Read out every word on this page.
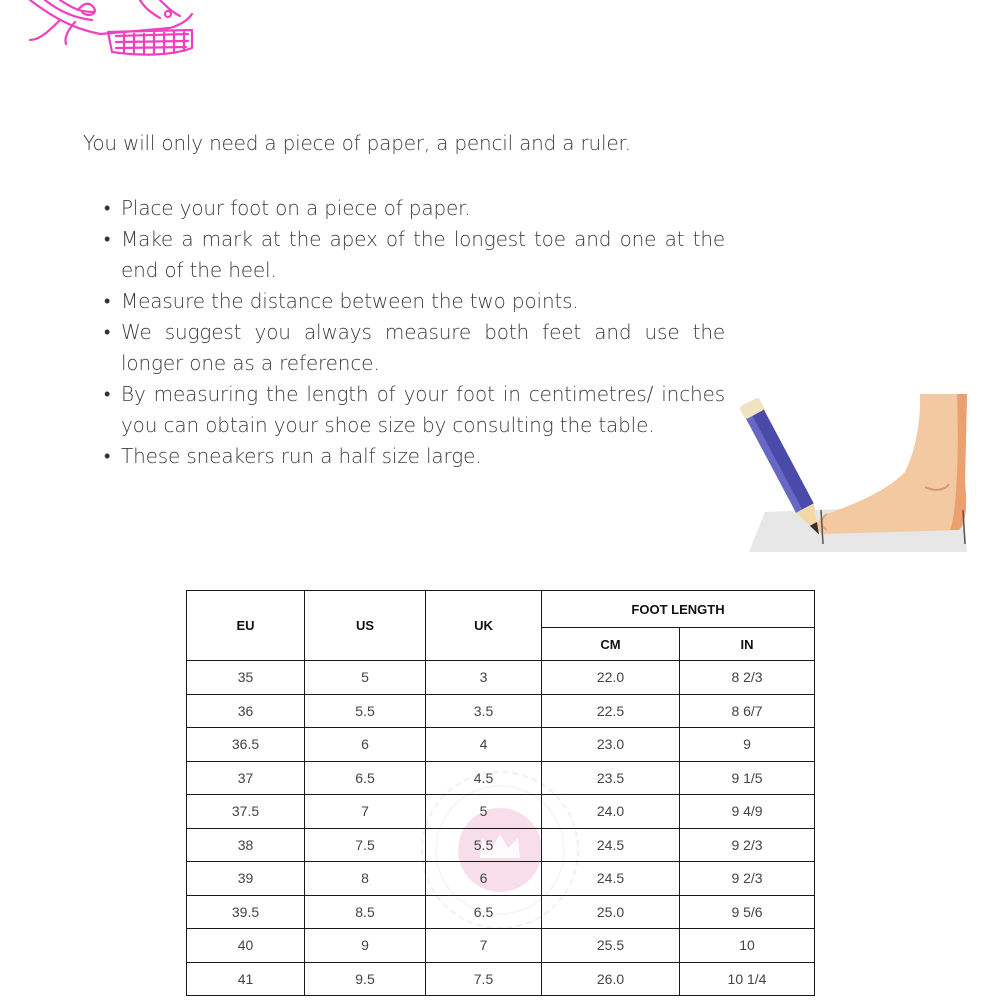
You will only need a piece of paper, a pencil and a ruler.

• Place your foot on a piece of paper.
• Make a mark at the apex of the longest toe and one at the end of the heel.
• Measure the distance between the two points.
• We suggest you always measure both feet and use the longer one as a reference.
• By measuring the length of your foot in centimetres/ inches you can obtain your shoe size by consulting the table.
• These sneakers run a half size large.
EU	US	UK	FOOT LENGTH	
			CM	IN
35	5	3	22.0	8 2/3
36	5.5	3.5	22.5	8 6/7
36.5	6	4	23.0	9
37	6.5	4.5	23.5	9 1/5
37.5	7	5	24.0	9 4/9
38	7.5	5.5	24.5	9 2/3
39	8	6	24.5	9 2/3
39.5	8.5	6.5	25.0	9 5/6
40	9	7	25.5	10
41	9.5	7.5	26.0	10 1/4
